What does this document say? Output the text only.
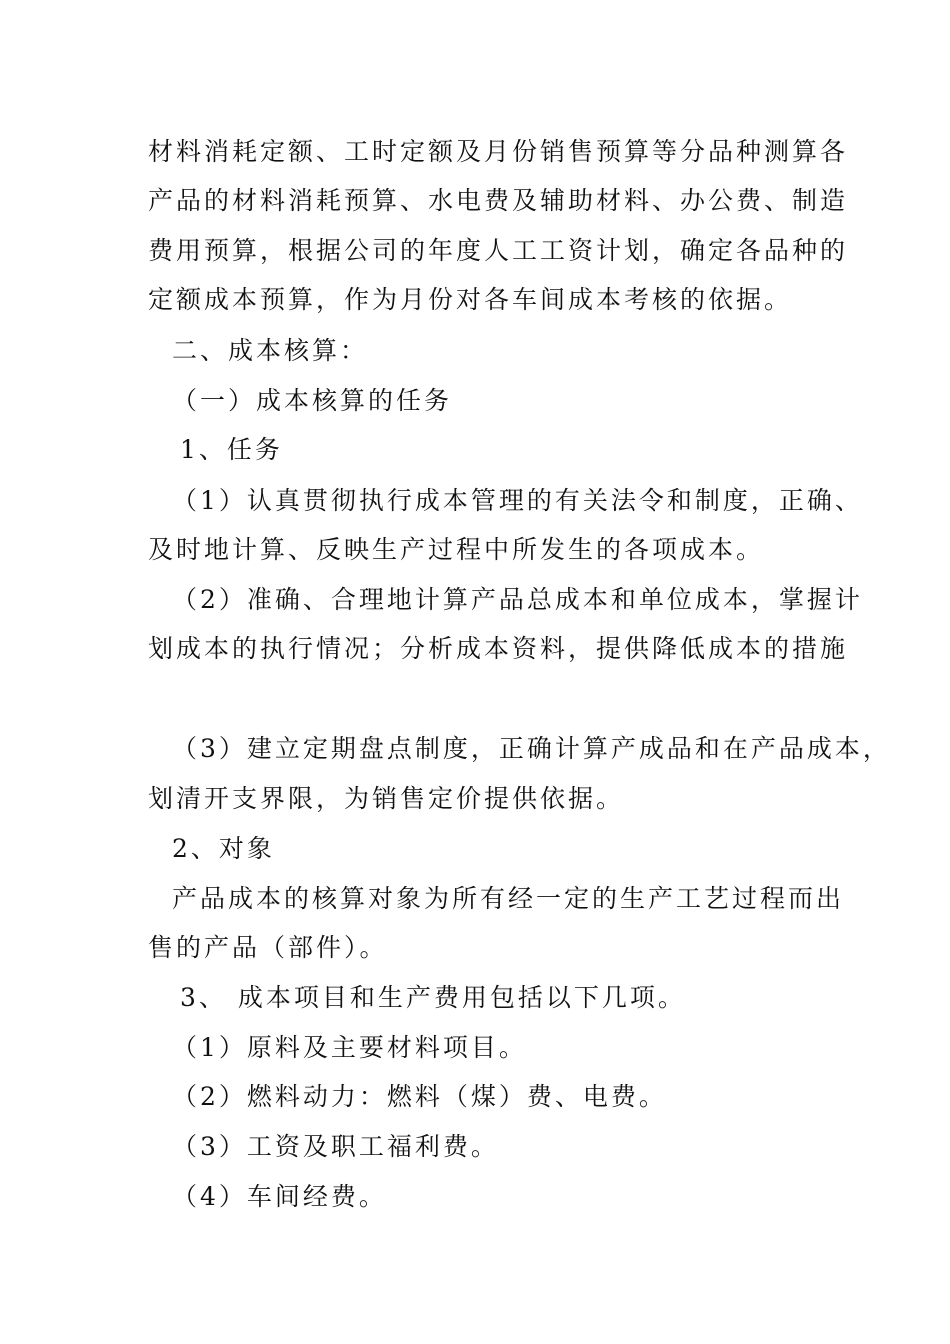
材料消耗定额、工时定额及月份销售预算等分品种测算各
产品的材料消耗预算、水电费及辅助材料、办公费、制造
费用预算，根据公司的年度人工工资计划，确定各品种的
定额成本预算，作为月份对各车间成本考核的依据。
二、成本核算：
（一）成本核算的任务
1、任务
（1）认真贯彻执行成本管理的有关法令和制度，正确、
及时地计算、反映生产过程中所发生的各项成本。
（2）准确、合理地计算产品总成本和单位成本，掌握计
划成本的执行情况；分析成本资料，提供降低成本的措施
（3）建立定期盘点制度，正确计算产成品和在产品成本，
划清开支界限，为销售定价提供依据。
2、对象
产品成本的核算对象为所有经一定的生产工艺过程而出
售的产品（部件）。
3、 成本项目和生产费用包括以下几项。
（1）原料及主要材料项目。
（2）燃料动力：燃料（煤）费、电费。
（3）工资及职工福利费。
（4）车间经费。
